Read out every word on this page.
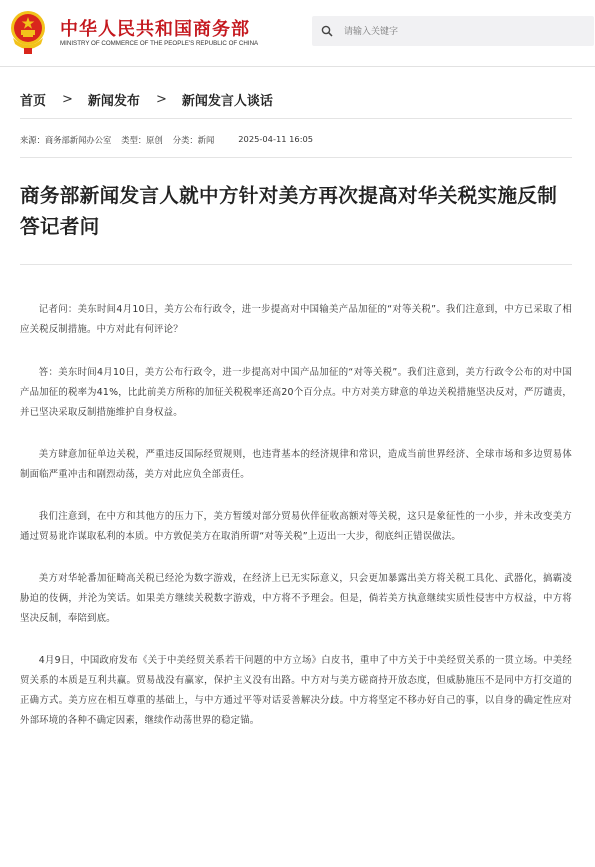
中华人民共和国商务部
MINISTRY OF COMMERCE OF THE PEOPLE'S REPUBLIC OF CHINA
请输入关键字
首页 > 新闻发布 > 新闻发言人谈话
来源：商务部新闻办公室 类型：原创 分类：新闻	2025-04-11 16:05
商务部新闻发言人就中方针对美方再次提高对华关税实施反制答记者问
记者问：美东时间4月10日，美方公布行政令，进一步提高对中国输美产品加征的“对等关税”。我们注意到，中方已采取了相应关税反制措施。中方对此有何评论？
答：美东时间4月10日，美方公布行政令，进一步提高对中国产品加征的“对等关税”。我们注意到，美方行政令公布的对中国产品加征的税率为41%，比此前美方所称的加征关税税率还高20个百分点。中方对美方肆意的单边关税措施坚决反对，严厉谴责，并已坚决采取反制措施维护自身权益。
美方肆意加征单边关税，严重违反国际经贸规则，也违背基本的经济规律和常识，造成当前世界经济、全球市场和多边贸易体制面临严重冲击和剧烈动荡，美方对此应负全部责任。
我们注意到，在中方和其他方的压力下，美方暂缓对部分贸易伙伴征收高额对等关税，这只是象征性的一小步，并未改变美方通过贸易讹诈谋取私利的本质。中方敦促美方在取消所谓“对等关税”上迈出一大步，彻底纠正错误做法。
美方对华轮番加征畸高关税已经沦为数字游戏，在经济上已无实际意义，只会更加暴露出美方将关税工具化、武器化，搞霸凌胁迫的伎俩，并沦为笑话。如果美方继续关税数字游戏，中方将不予理会。但是，倘若美方执意继续实质性侵害中方权益，中方将坚决反制，奉陪到底。
4月9日，中国政府发布《关于中美经贸关系若干问题的中方立场》白皮书，重申了中方关于中美经贸关系的一贯立场。中美经贸关系的本质是互利共赢。贸易战没有赢家，保护主义没有出路。中方对与美方磋商持开放态度，但威胁施压不是同中方打交道的正确方式。美方应在相互尊重的基础上，与中方通过平等对话妥善解决分歧。中方将坚定不移办好自己的事，以自身的确定性应对外部环境的各种不确定因素，继续作动荡世界的稳定锚。
